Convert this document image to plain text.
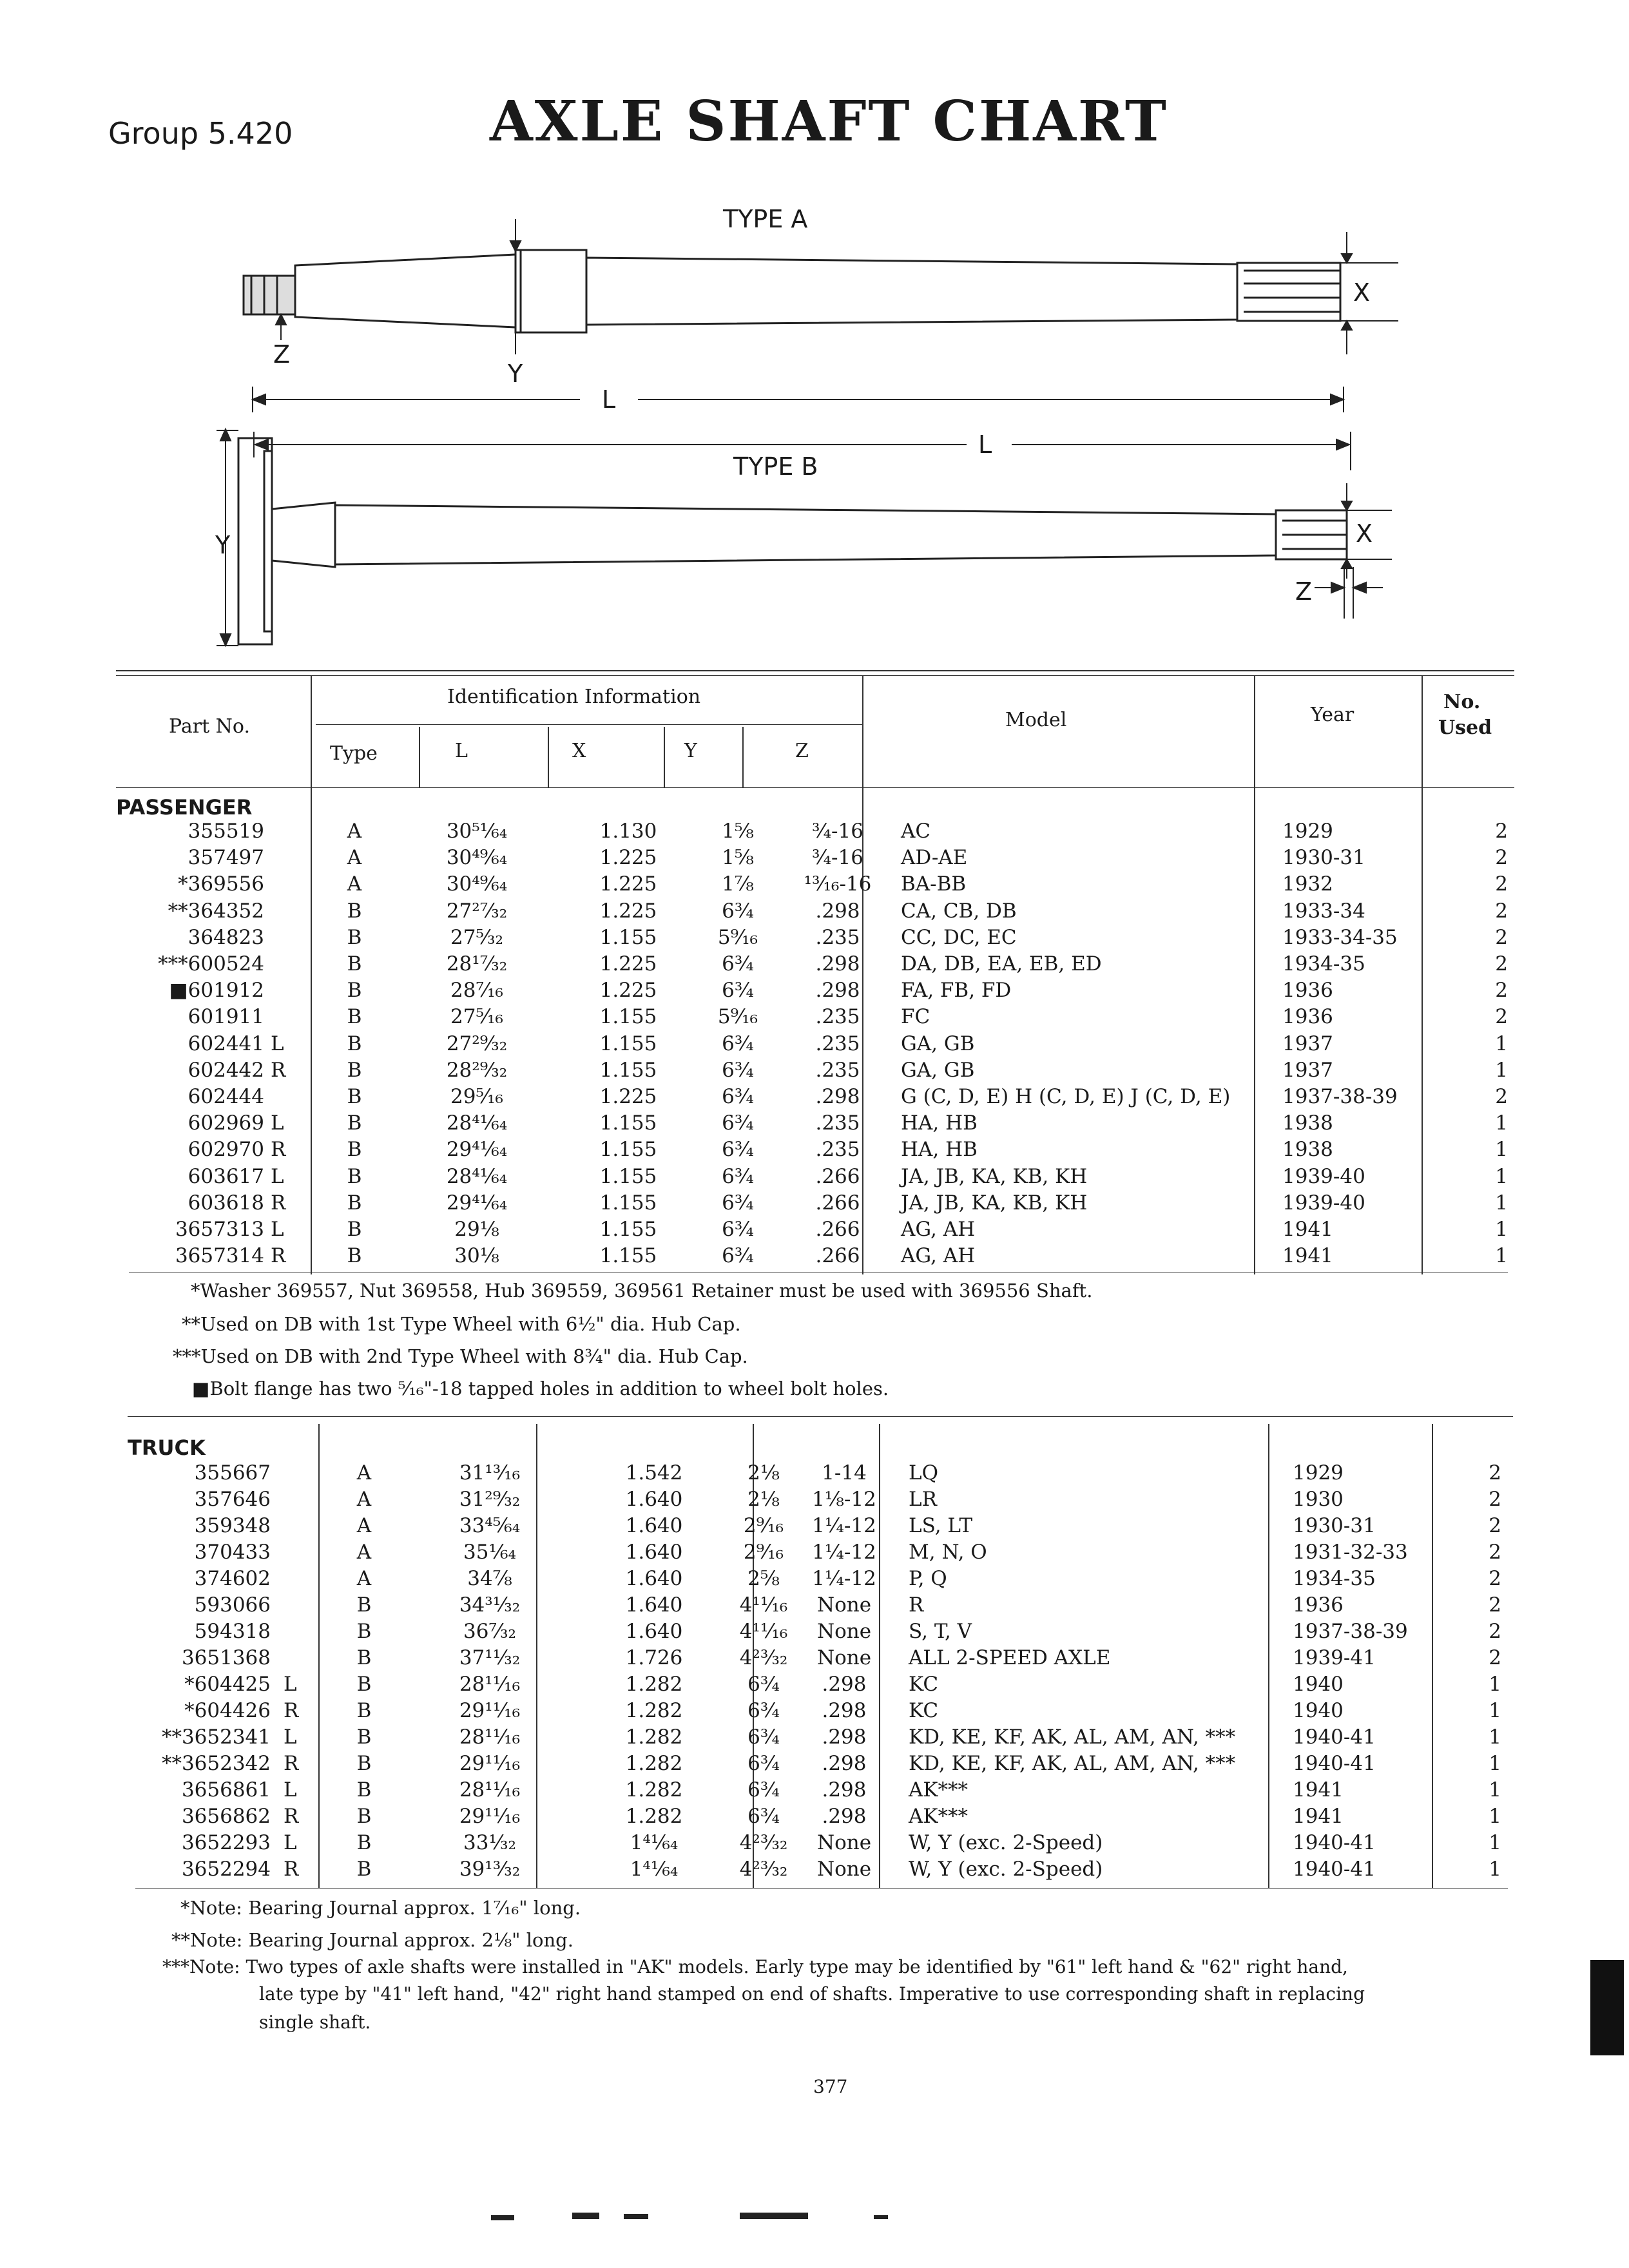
Group 5.420	AXLE SHAFT CHART
TYPE A
TYPE B
L
L
X
X
Y
Y
Z
Z
Part No.
Identification Information
Type	L	X	Y	Z
Model	Year
No.
Used
PASSENGER
355519	A	30⁵¹⁄₆₄	1.130	1⅝	¾-16	AC	1929	2
357497	A	30⁴⁹⁄₆₄	1.225	1⅝	¾-16	AD-AE	1930-31	2
*369556	A	30⁴⁹⁄₆₄	1.225	1⅞	¹³⁄₁₆-16	BA-BB	1932	2
**364352	B	27²⁷⁄₃₂	1.225	6¾	.298	CA, CB, DB	1933-34	2
364823	B	27⁵⁄₃₂	1.155	5⁹⁄₁₆	.235	CC, DC, EC	1933-34-35	2
***600524	B	28¹⁷⁄₃₂	1.225	6¾	.298	DA, DB, EA, EB, ED	1934-35	2
■601912	B	28⁷⁄₁₆	1.225	6¾	.298	FA, FB, FD	1936	2
601911	B	27⁵⁄₁₆	1.155	5⁹⁄₁₆	.235	FC	1936	2
602441 L	B	27²⁹⁄₃₂	1.155	6¾	.235	GA, GB	1937	1
602442 R	B	28²⁹⁄₃₂	1.155	6¾	.235	GA, GB	1937	1
602444	B	29⁵⁄₁₆	1.225	6¾	.298	G (C, D, E) H (C, D, E) J (C, D, E)	1937-38-39	2
602969 L	B	28⁴¹⁄₆₄	1.155	6¾	.235	HA, HB	1938	1
602970 R	B	29⁴¹⁄₆₄	1.155	6¾	.235	HA, HB	1938	1
603617 L	B	28⁴¹⁄₆₄	1.155	6¾	.266	JA, JB, KA, KB, KH	1939-40	1
603618 R	B	29⁴¹⁄₆₄	1.155	6¾	.266	JA, JB, KA, KB, KH	1939-40	1
3657313 L	B	29⅛	1.155	6¾	.266	AG, AH	1941	1
3657314 R	B	30⅛	1.155	6¾	.266	AG, AH	1941	1
*Washer 369557, Nut 369558, Hub 369559, 369561 Retainer must be used with 369556 Shaft.
**Used on DB with 1st Type Wheel with 6½" dia. Hub Cap.
***Used on DB with 2nd Type Wheel with 8¾" dia. Hub Cap.
■Bolt flange has two ⁵⁄₁₆"-18 tapped holes in addition to wheel bolt holes.
TRUCK
355667	A	31¹³⁄₁₆	1.542	2⅛	1-14	LQ	1929	2
357646	A	31²⁹⁄₃₂	1.640	2⅛	1⅛-12	LR	1930	2
359348	A	33⁴⁵⁄₆₄	1.640	2⁹⁄₁₆	1¼-12	LS, LT	1930-31	2
370433	A	35¹⁄₆₄	1.640	2⁹⁄₁₆	1¼-12	M, N, O	1931-32-33	2
374602	A	34⅞	1.640	2⅝	1¼-12	P, Q	1934-35	2
593066	B	34³¹⁄₃₂	1.640	4¹¹⁄₁₆	None	R	1936	2
594318	B	36⁷⁄₃₂	1.640	4¹¹⁄₁₆	None	S, T, V	1937-38-39	2
3651368	B	37¹¹⁄₃₂	1.726	4²³⁄₃₂	None	ALL 2-SPEED AXLE	1939-41	2
*604425 L	B	28¹¹⁄₁₆	1.282	6¾	.298	KC	1940	1
*604426 R	B	29¹¹⁄₁₆	1.282	6¾	.298	KC	1940	1
**3652341 L	B	28¹¹⁄₁₆	1.282	6¾	.298	KD, KE, KF, AK, AL, AM, AN, ***	1940-41	1
**3652342 R	B	29¹¹⁄₁₆	1.282	6¾	.298	KD, KE, KF, AK, AL, AM, AN, ***	1940-41	1
3656861 L	B	28¹¹⁄₁₆	1.282	6¾	.298	AK***	1941	1
3656862 R	B	29¹¹⁄₁₆	1.282	6¾	.298	AK***	1941	1
3652293 L	B	33¹⁄₃₂	1⁴¹⁄₆₄	4²³⁄₃₂	None	W, Y (exc. 2-Speed)	1940-41	1
3652294 R	B	39¹³⁄₃₂	1⁴¹⁄₆₄	4²³⁄₃₂	None	W, Y (exc. 2-Speed)	1940-41	1
*Note: Bearing Journal approx. 1⁷⁄₁₆" long.
**Note: Bearing Journal approx. 2⅛" long.
***Note: Two types of axle shafts were installed in "AK" models. Early type may be identified by "61" left hand & "62" right hand,
late type by "41" left hand, "42" right hand stamped on end of shafts. Imperative to use corresponding shaft in replacing
single shaft.
377
